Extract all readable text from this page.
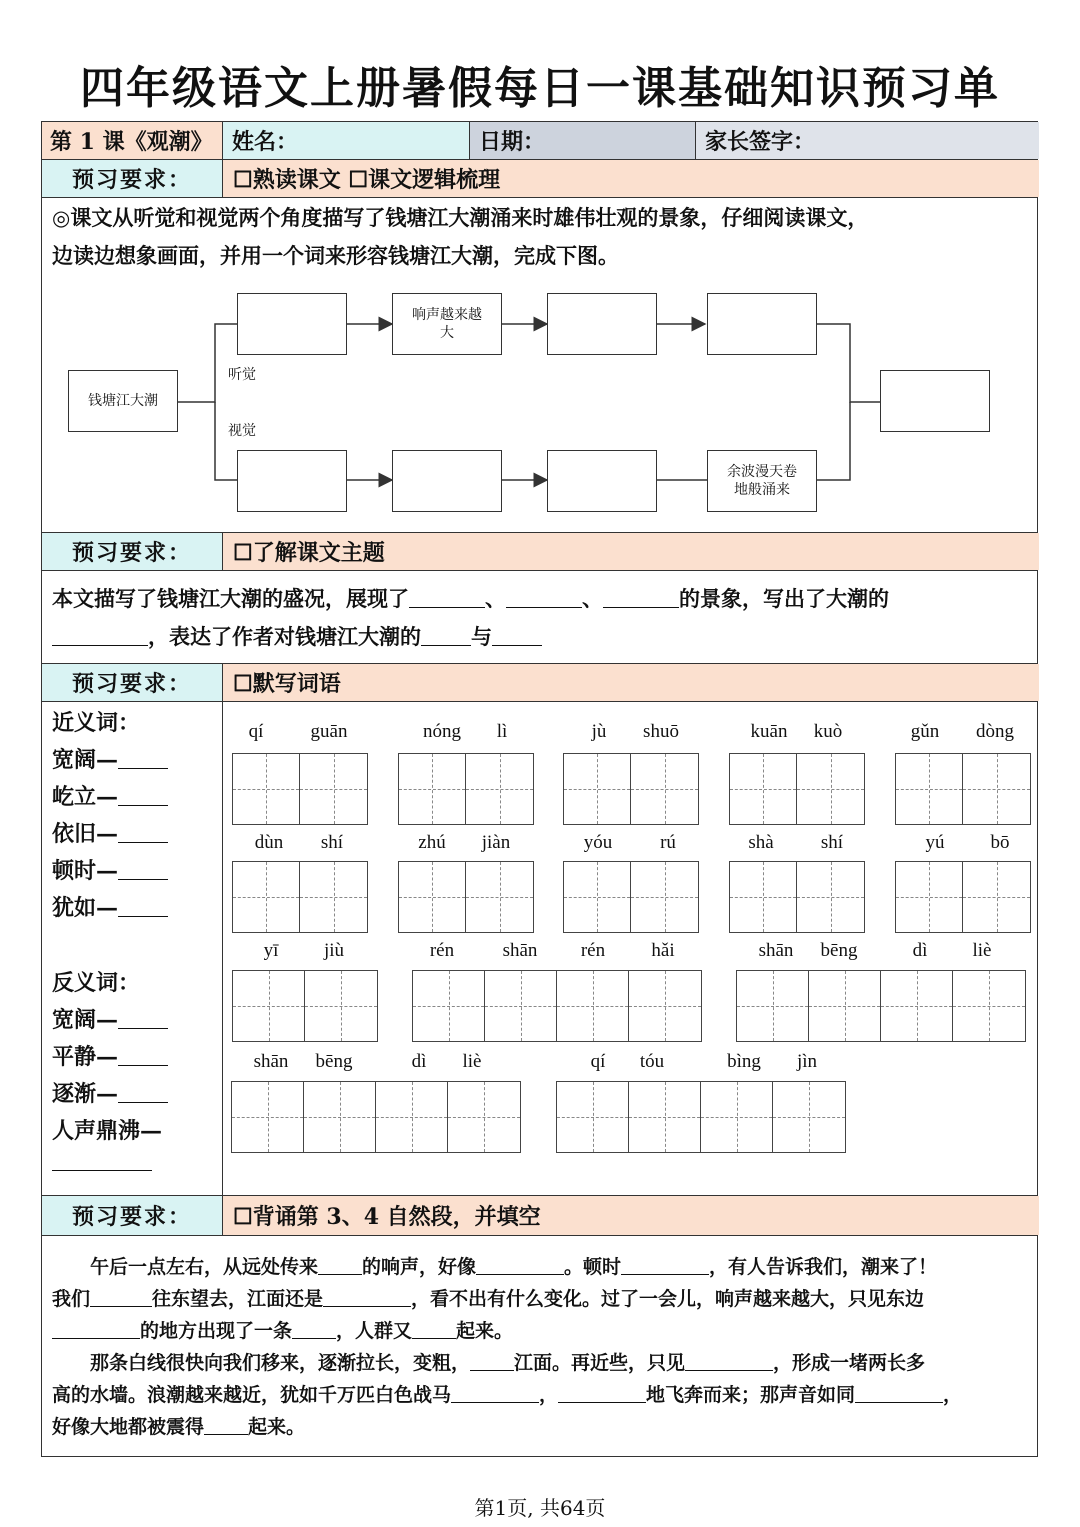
四年级语文上册暑假每日一课基础知识预习单
第 1 课《观潮》 姓名：	日期：	家长签字：
预习要求：	☐熟读课文 ☐课文逻辑梳理
◎课文从听觉和视觉两个角度描写了钱塘江大潮涌来时雄伟壮观的景象，仔细阅读课文，
边读边想象画面，并用一个词来形容钱塘江大潮，完成下图。
钱塘江大潮
听觉
视觉
响声越来越大
余波漫天卷地般涌来
预习要求：	☐了解课文主题
本文描写了钱塘江大潮的盛况，展现了	、	、	的景象，写出了大潮的
，表达了作者对钱塘江大潮的 与
预习要求：	☐默写词语
近义词：
宽阔—
屹立—
依旧—
顿时—
犹如—
反义词：
宽阔—
平静—
逐渐—
人声鼎沸—
qí	guān	nóng	lì	jù	shuō	kuān	kuò	gǔn	dòng
dùn	shí	zhú	jiàn	yóu	rú	shà	shí	yú	bō
yī	jiù	rén	shān	rén	hǎi	shān	bēng	dì	liè
shān	bēng	dì	liè	qí	tóu	bìng	jìn
预习要求：	☐背诵第 3、4 自然段，并填空
午后一点左右，从远处传来 的响声，好像	。顿时	，有人告诉我们，潮来了！
我们	往东望去，江面还是	，看不出有什么变化。过了一会儿，响声越来越大，只见东边
的地方出现了一条 ，人群又 起来。
那条白线很快向我们移来，逐渐拉长，变粗， 江面。再近些，只见	，形成一堵两长多
高的水墙。浪潮越来越近，犹如千万匹白色战马	，	地飞奔而来；那声音如同	，
好像大地都被震得 起来。
第1页, 共64页
